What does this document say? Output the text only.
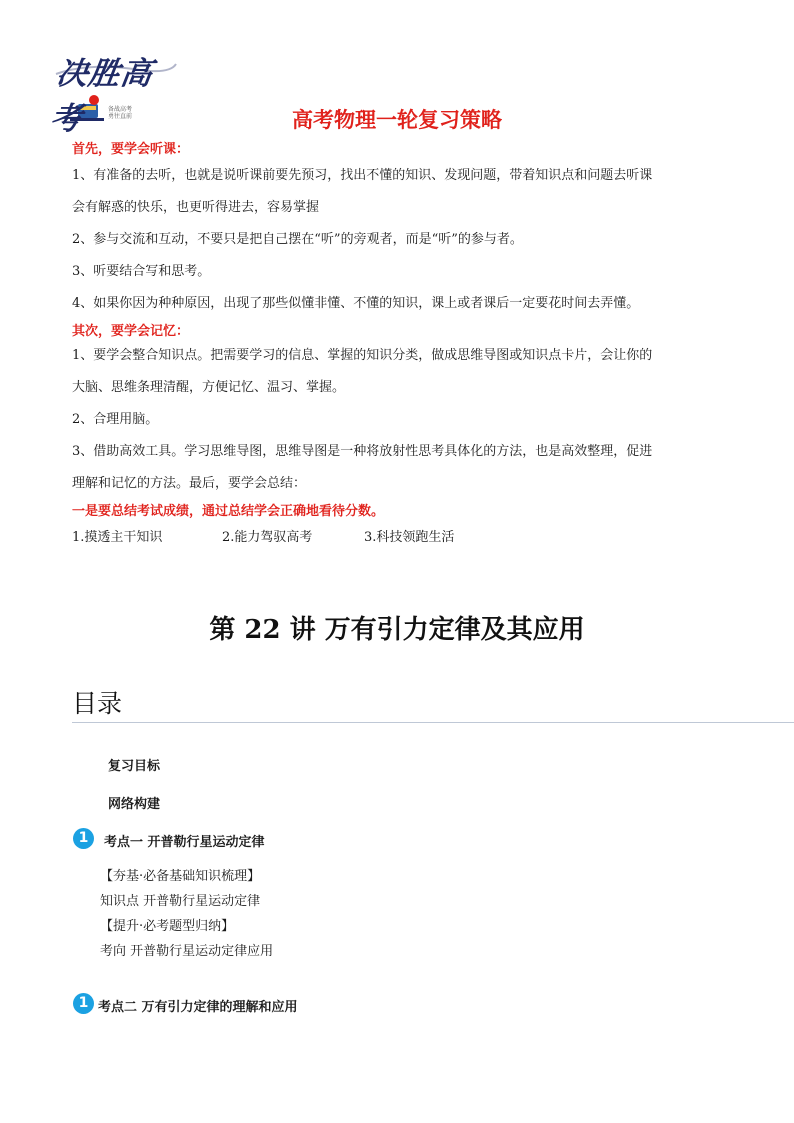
决胜高考	备战高考
勇往直前	高考物理一轮复习策略
首先，要学会听课：
1、有准备的去听，也就是说听课前要先预习，找出不懂的知识、发现问题，带着知识点和问题去听课
会有解惑的快乐，也更听得进去，容易掌握
2、参与交流和互动，不要只是把自己摆在“听”的旁观者，而是“听”的参与者。
3、听要结合写和思考。
4、如果你因为种种原因，出现了那些似懂非懂、不懂的知识，课上或者课后一定要花时间去弄懂。
其次，要学会记忆：
1、要学会整合知识点。把需要学习的信息、掌握的知识分类，做成思维导图或知识点卡片，会让你的
大脑、思维条理清醒，方便记忆、温习、掌握。
2、合理用脑。
3、借助高效工具。学习思维导图，思维导图是一种将放射性思考具体化的方法，也是高效整理，促进
理解和记忆的方法。最后，要学会总结：
一是要总结考试成绩，通过总结学会正确地看待分数。
1.摸透主干知识	2.能力驾驭高考	3.科技领跑生活
第 22 讲 万有引力定律及其应用
目录
复习目标
网络构建
1	考点一 开普勒行星运动定律
【夯基·必备基础知识梳理】
知识点 开普勒行星运动定律
【提升·必考题型归纳】
考向 开普勒行星运动定律应用
1 考点二 万有引力定律的理解和应用
